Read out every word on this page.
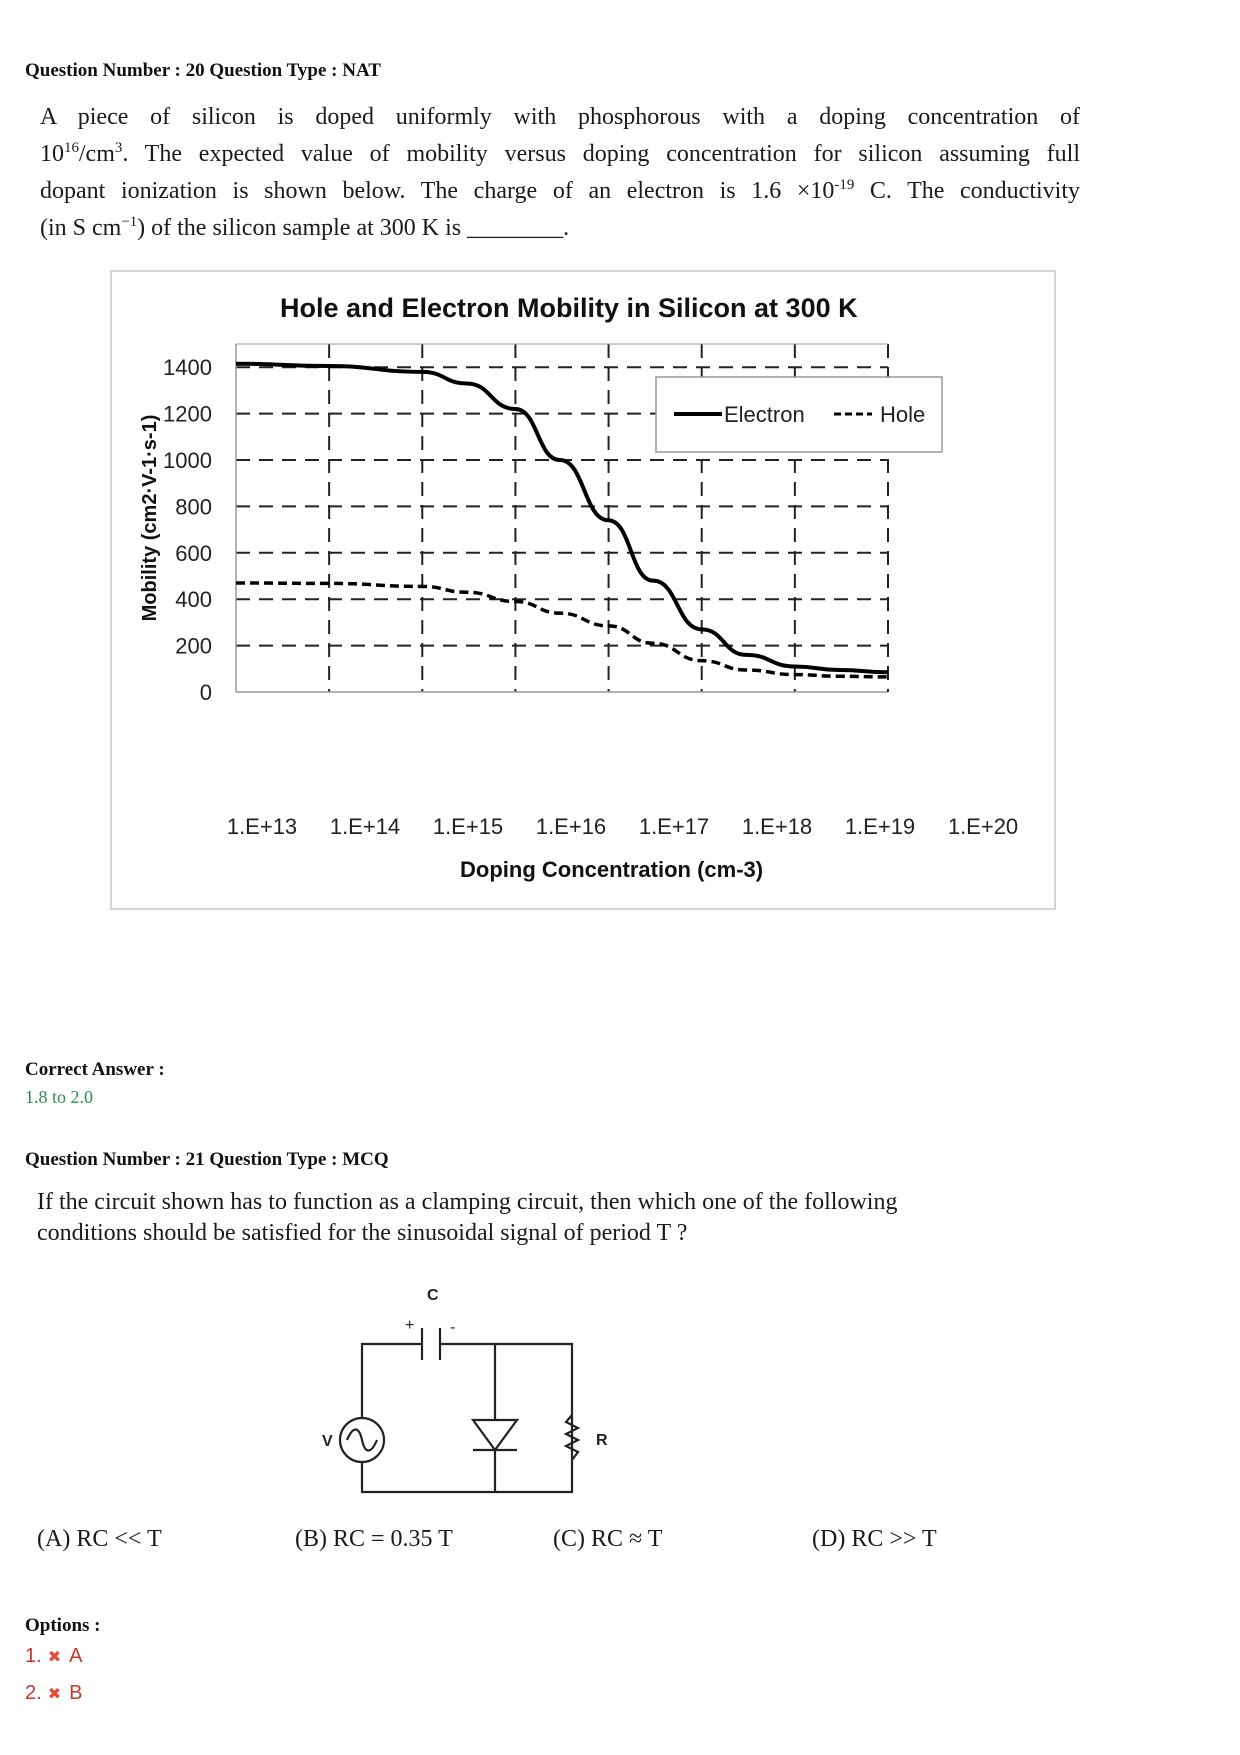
Question Number : 20 Question Type : NAT
A piece of silicon is doped uniformly with phosphorous with a doping concentration of
$10^{16}/cm^3$. The expected value of mobility versus doping concentration for silicon assuming full
dopant ionization is shown below. The charge of an electron is $1.6 \times 10^{-19}$ C. The conductivity
(in S $cm^{-1}$) of the silicon sample at 300 K is ________.
Hole and Electron Mobility in Silicon at 300 K
1400
1200
1000
800
600
400
200
0
1.E+13 1.E+14 1.E+15 1.E+16 1.E+17 1.E+18 1.E+19 1.E+20
Electron	Hole
Mobility (cm2·V-1·s-1)
Doping Concentration (cm-3)
Correct Answer :
1.8 to 2.0
Question Number : 21 Question Type : MCQ
If the circuit shown has to function as a clamping circuit, then which one of the following
conditions should be satisfied for the sinusoidal signal of period T ?
C
+ -
V	R
(A) RC << T	(B) RC = 0.35 T	(C) RC ≈ T	(D) RC >> T
Options :
1. ✖ A
2. ✖ B
